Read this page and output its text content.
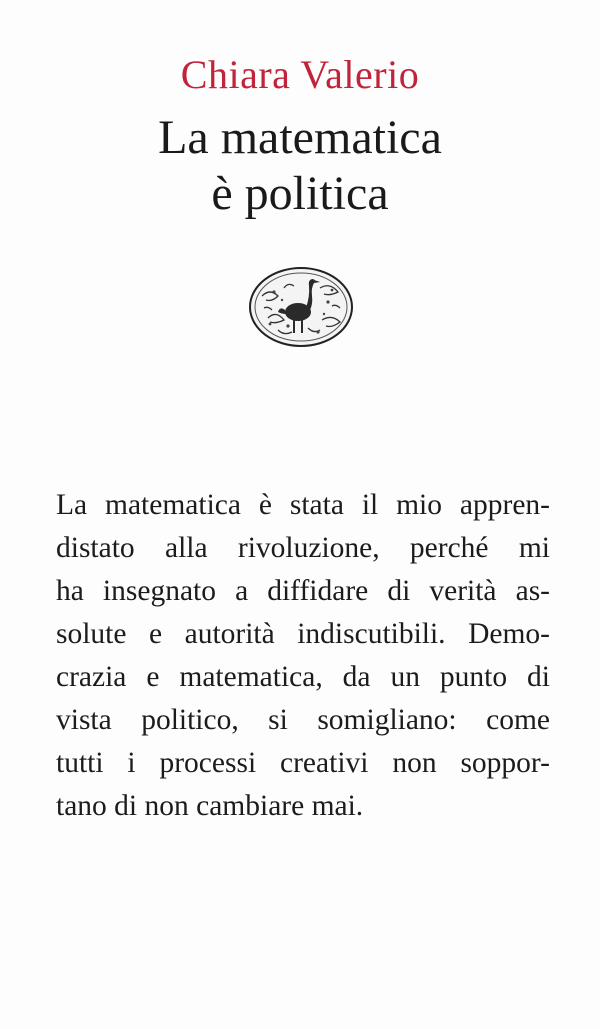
Chiara Valerio
La matematica
è politica
La matematica è stata il mio appren-
distato alla rivoluzione, perché mi
ha insegnato a diffidare di verità as-
solute e autorità indiscutibili. Demo-
crazia e matematica, da un punto di
vista politico, si somigliano: come
tutti i processi creativi non soppor-
tano di non cambiare mai.
